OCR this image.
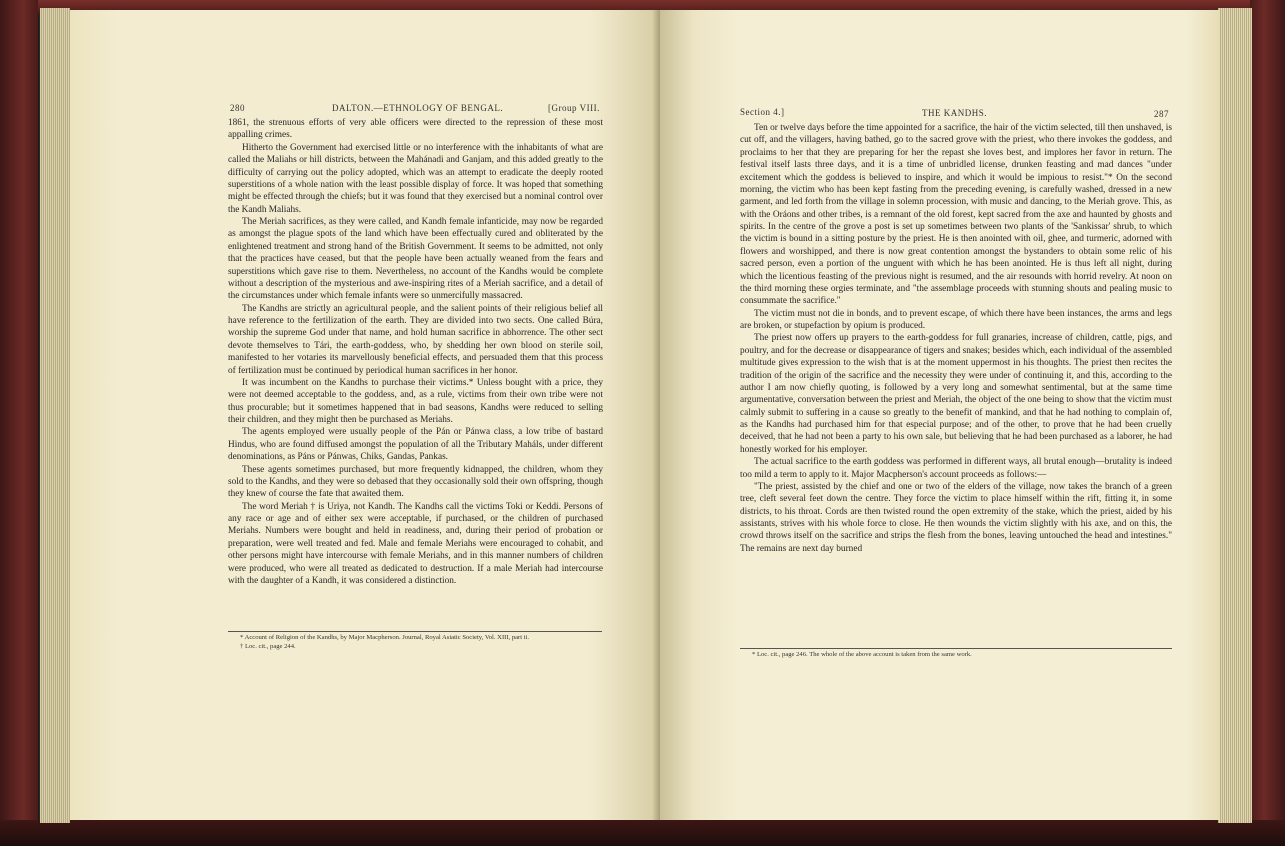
280	DALTON.—ETHNOLOGY OF BENGAL.	[Group VIII.

1861, the strenuous efforts of very able officers were directed to the repression of these most appalling crimes.

Hitherto the Government had exercised little or no interference with the inhabitants of what are called the Maliahs or hill districts, between the Mahánadi and Ganjam, and this added greatly to the difficulty of carrying out the policy adopted, which was an attempt to eradicate the deeply rooted superstitions of a whole nation with the least possible display of force. It was hoped that something might be effected through the chiefs; but it was found that they exercised but a nominal control over the Kandh Maliahs.

The Meriah sacrifices, as they were called, and Kandh female infanticide, may now be regarded as amongst the plague spots of the land which have been effectually cured and obliterated by the enlightened treatment and strong hand of the British Government. It seems to be admitted, not only that the practices have ceased, but that the people have been actually weaned from the fears and superstitions which gave rise to them. Nevertheless, no account of the Kandhs would be complete without a description of the mysterious and awe-inspiring rites of a Meriah sacrifice, and a detail of the circumstances under which female infants were so unmercifully massacred.

The Kandhs are strictly an agricultural people, and the salient points of their religious belief all have reference to the fertilization of the earth. They are divided into two sects. One called Búra, worship the supreme God under that name, and hold human sacrifice in abhorrence. The other sect devote themselves to Tári, the earth-goddess, who, by shedding her own blood on sterile soil, manifested to her votaries its marvellously beneficial effects, and persuaded them that this process of fertilization must be continued by periodical human sacrifices in her honor.

It was incumbent on the Kandhs to purchase their victims.* Unless bought with a price, they were not deemed acceptable to the goddess, and, as a rule, victims from their own tribe were not thus procurable; but it sometimes happened that in bad seasons, Kandhs were reduced to selling their children, and they might then be purchased as Meriahs.

The agents employed were usually people of the Pán or Pánwa class, a low tribe of bastard Hindus, who are found diffused amongst the population of all the Tributary Maháls, under different denominations, as Páns or Pánwas, Chiks, Gandas, Pankas.

These agents sometimes purchased, but more frequently kidnapped, the children, whom they sold to the Kandhs, and they were so debased that they occasionally sold their own offspring, though they knew of course the fate that awaited them.

The word Meriah † is Uriya, not Kandh. The Kandhs call the victims Toki or Keddi. Persons of any race or age and of either sex were acceptable, if purchased, or the children of purchased Meriahs. Numbers were bought and held in readiness, and, during their period of probation or preparation, were well treated and fed. Male and female Meriahs were encouraged to cohabit, and other persons might have intercourse with female Meriahs, and in this manner numbers of children were produced, who were all treated as dedicated to destruction. If a male Meriah had intercourse with the daughter of a Kandh, it was considered a distinction.

* Account of Religion of the Kandhs, by Major Macpherson. Journal, Royal Asiatic Society, Vol. XIII, part ii.

† Loc. cit., page 244.

Section 4.]	THE KANDHS.	287

Ten or twelve days before the time appointed for a sacrifice, the hair of the victim selected, till then unshaved, is cut off, and the villagers, having bathed, go to the sacred grove with the priest, who there invokes the goddess, and proclaims to her that they are preparing for her the repast she loves best, and implores her favor in return. The festival itself lasts three days, and it is a time of unbridled license, drunken feasting and mad dances "under excitement which the goddess is believed to inspire, and which it would be impious to resist."* On the second morning, the victim who has been kept fasting from the preceding evening, is carefully washed, dressed in a new garment, and led forth from the village in solemn procession, with music and dancing, to the Meriah grove. This, as with the Oráons and other tribes, is a remnant of the old forest, kept sacred from the axe and haunted by ghosts and spirits. In the centre of the grove a post is set up sometimes between two plants of the 'Sankissar' shrub, to which the victim is bound in a sitting posture by the priest. He is then anointed with oil, ghee, and turmeric, adorned with flowers and worshipped, and there is now great contention amongst the bystanders to obtain some relic of his sacred person, even a portion of the unguent with which he has been anointed. He is thus left all night, during which the licentious feasting of the previous night is resumed, and the air resounds with horrid revelry. At noon on the third morning these orgies terminate, and "the assemblage proceeds with stunning shouts and pealing music to consummate the sacrifice."

The victim must not die in bonds, and to prevent escape, of which there have been instances, the arms and legs are broken, or stupefaction by opium is produced.

The priest now offers up prayers to the earth-goddess for full granaries, increase of children, cattle, pigs, and poultry, and for the decrease or disappearance of tigers and snakes; besides which, each individual of the assembled multitude gives expression to the wish that is at the moment uppermost in his thoughts. The priest then recites the tradition of the origin of the sacrifice and the necessity they were under of continuing it, and this, according to the author I am now chiefly quoting, is followed by a very long and somewhat sentimental, but at the same time argumentative, conversation between the priest and Meriah, the object of the one being to show that the victim must calmly submit to suffering in a cause so greatly to the benefit of mankind, and that he had nothing to complain of, as the Kandhs had purchased him for that especial purpose; and of the other, to prove that he had been cruelly deceived, that he had not been a party to his own sale, but believing that he had been purchased as a laborer, he had honestly worked for his employer.

The actual sacrifice to the earth goddess was performed in different ways, all brutal enough—brutality is indeed too mild a term to apply to it. Major Macpherson's account proceeds as follows:—

"The priest, assisted by the chief and one or two of the elders of the village, now takes the branch of a green tree, cleft several feet down the centre. They force the victim to place himself within the rift, fitting it, in some districts, to his throat. Cords are then twisted round the open extremity of the stake, which the priest, aided by his assistants, strives with his whole force to close. He then wounds the victim slightly with his axe, and on this, the crowd throws itself on the sacrifice and strips the flesh from the bones, leaving untouched the head and intestines." The remains are next day burned

* Loc. cit., page 246. The whole of the above account is taken from the same work.
